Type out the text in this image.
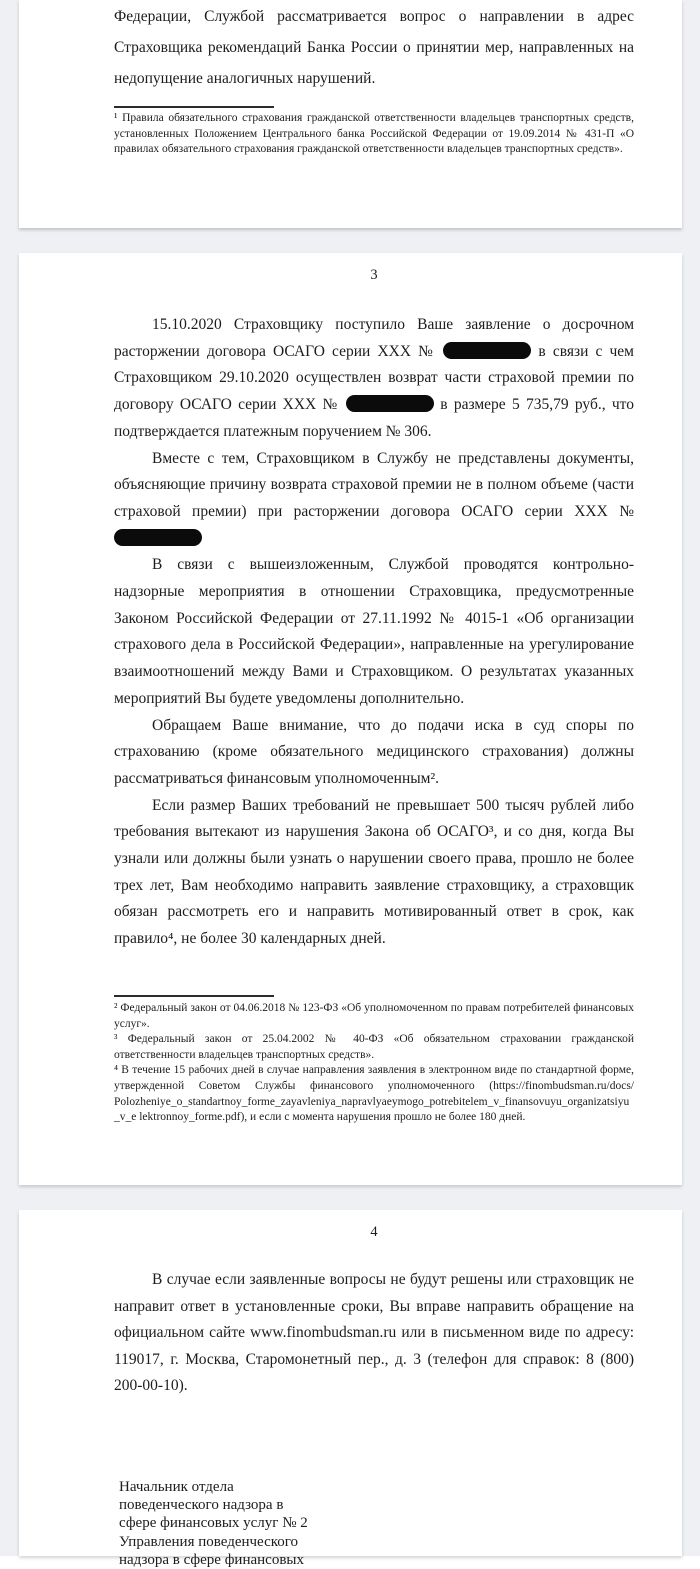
Федерации, Службой рассматривается вопрос о направлении в адрес Страховщика рекомендаций Банка России о принятии мер, направленных на недопущение аналогичных нарушений.

¹ Правила обязательного страхования гражданской ответственности владельцев транспортных средств, установленных Положением Центрального банка Российской Федерации от 19.09.2014 № 431-П «О правилах обязательного страхования гражданской ответственности владельцев транспортных средств».

3

15.10.2020 Страховщику поступило Ваше заявление о досрочном расторжении договора ОСАГО серии XXX №	в связи с чем Страховщиком 29.10.2020 осуществлен возврат части страховой премии по договору ОСАГО серии XXX №	в размере 5 735,79 руб., что подтверждается платежным поручением № 306.

Вместе с тем, Страховщиком в Службу не представлены документы, объясняющие причину возврата страховой премии не в полном объеме (части страховой премии) при расторжении договора ОСАГО серии XXX №

В связи с вышеизложенным, Службой проводятся контрольно-надзорные мероприятия в отношении Страховщика, предусмотренные Законом Российской Федерации от 27.11.1992 № 4015-1 «Об организации страхового дела в Российской Федерации», направленные на урегулирование взаимоотношений между Вами и Страховщиком. О результатах указанных мероприятий Вы будете уведомлены дополнительно.

Обращаем Ваше внимание, что до подачи иска в суд споры по страхованию (кроме обязательного медицинского страхования) должны рассматриваться финансовым уполномоченным².

Если размер Ваших требований не превышает 500 тысяч рублей либо требования вытекают из нарушения Закона об ОСАГО³, и со дня, когда Вы узнали или должны были узнать о нарушении своего права, прошло не более трех лет, Вам необходимо направить заявление страховщику, а страховщик обязан рассмотреть его и направить мотивированный ответ в срок, как правило⁴, не более 30 календарных дней.

² Федеральный закон от 04.06.2018 № 123-ФЗ «Об уполномоченном по правам потребителей финансовых услуг».

³ Федеральный закон от 25.04.2002 № 40-ФЗ «Об обязательном страховании гражданской ответственности владельцев транспортных средств».

⁴ В течение 15 рабочих дней в случае направления заявления в электронном виде по стандартной форме, утвержденной Советом Службы финансового уполномоченного (https://finombudsman.ru/docs/ Polozheniye_o_standartnoy_forme_zayavleniya_napravlyaeymogo_potrebitelem_v_finansovuyu_organizatsiyu_v_e lektronnoy_forme.pdf), и если с момента нарушения прошло не более 180 дней.

4

В случае если заявленные вопросы не будут решены или страховщик не направит ответ в установленные сроки, Вы вправе направить обращение на официальном сайте www.finombudsman.ru или в письменном виде по адресу: 119017, г. Москва, Старомонетный пер., д. 3 (телефон для справок: 8 (800) 200-00-10).

Начальник отдела

поведенческого надзора в

сфере финансовых услуг № 2

Управления поведенческого

надзора в сфере финансовых
